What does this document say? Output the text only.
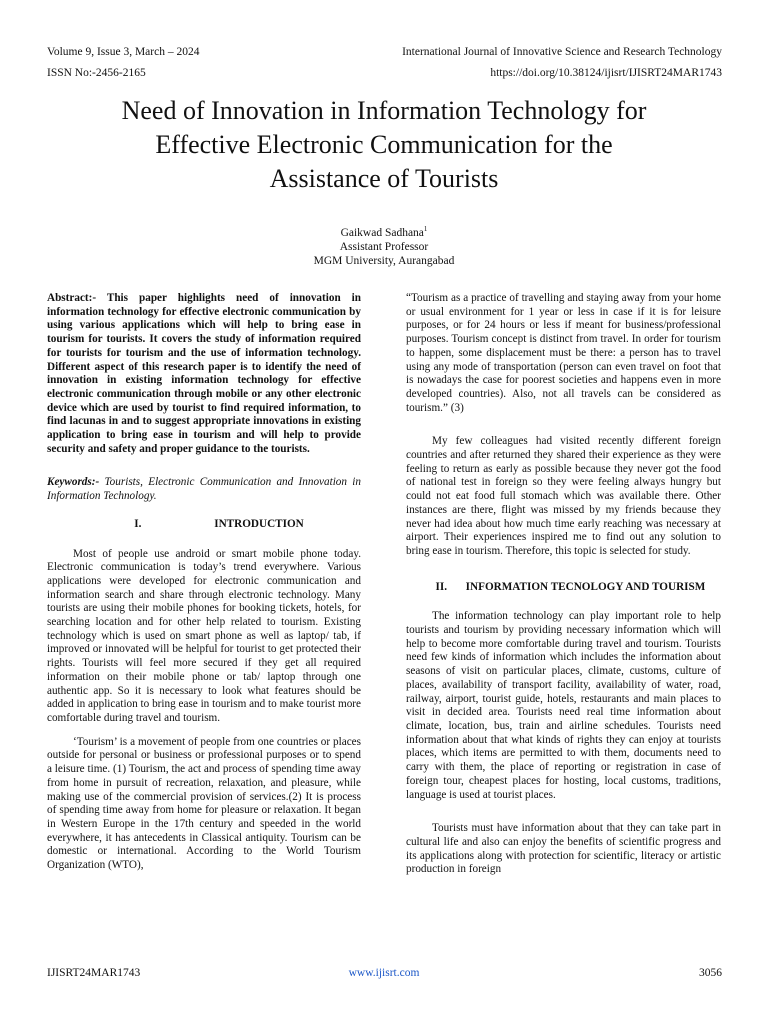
Volume 9, Issue 3, March – 2024	International Journal of Innovative Science and Research Technology
ISSN No:-2456-2165	https://doi.org/10.38124/ijisrt/IJISRT24MAR1743
Need of Innovation in Information Technology for
Effective Electronic Communication for the
Assistance of Tourists
Gaikwad Sadhana$^1$
Assistant Professor
MGM University, Aurangabad

Abstract:- This paper highlights need of innovation in information technology for effective electronic communication by using various applications which will help to bring ease in tourism for tourists. It covers the study of information required for tourists for tourism and the use of information technology. Different aspect of this research paper is to identify the need of innovation in existing information technology for effective electronic communication through mobile or any other electronic device which are used by tourist to find required information, to find lacunas in and to suggest appropriate innovations in existing application to bring ease in tourism and will help to provide security and safety and proper guidance to the tourists.

Keywords:- Tourists, Electronic Communication and Innovation in Information Technology.

I.	INTRODUCTION

Most of people use android or smart mobile phone today. Electronic communication is today’s trend everywhere. Various applications were developed for electronic communication and information search and share through electronic technology. Many tourists are using their mobile phones for booking tickets, hotels, for searching location and for other help related to tourism. Existing technology which is used on smart phone as well as laptop/ tab, if improved or innovated will be helpful for tourist to get protected their rights. Tourists will feel more secured if they get all required information on their mobile phone or tab/ laptop through one authentic app. So it is necessary to look what features should be added in application to bring ease in tourism and to make tourist more comfortable during travel and tourism.

‘Tourism’ is a movement of people from one countries or places outside for personal or business or professional purposes or to spend a leisure time. (1) Tourism, the act and process of spending time away from home in pursuit of recreation, relaxation, and pleasure, while making use of the commercial provision of services.(2) It is process of spending time away from home for pleasure or relaxation. It began in Western Europe in the 17th century and speeded in the world everywhere, it has antecedents in Classical antiquity. Tourism can be domestic or international. According to the World Tourism Organization (WTO),

“Tourism as a practice of travelling and staying away from your home or usual environment for 1 year or less in case if it is for leisure purposes, or for 24 hours or less if meant for business/professional purposes. Tourism concept is distinct from travel. In order for tourism to happen, some displacement must be there: a person has to travel using any mode of transportation (person can even travel on foot that is nowadays the case for poorest societies and happens even in more developed countries). Also, not all travels can be considered as tourism.” (3)

My few colleagues had visited recently different foreign countries and after returned they shared their experience as they were feeling to return as early as possible because they never got the food of national test in foreign so they were feeling always hungry but could not eat food full stomach which was available there. Other instances are there, flight was missed by my friends because they never had idea about how much time early reaching was necessary at airport. Their experiences inspired me to find out any solution to bring ease in tourism. Therefore, this topic is selected for study.

II. INFORMATION TECNOLOGY AND TOURISM

The information technology can play important role to help tourists and tourism by providing necessary information which will help to become more comfortable during travel and tourism. Tourists need few kinds of information which includes the information about seasons of visit on particular places, climate, customs, culture of places, availability of transport facility, availability of water, road, railway, airport, tourist guide, hotels, restaurants and main places to visit in decided area. Tourists need real time information about climate, location, bus, train and airline schedules. Tourists need information about that what kinds of rights they can enjoy at tourists places, which items are permitted to with them, documents need to carry with them, the place of reporting or registration in case of foreign tour, cheapest places for hosting, local customs, traditions, language is used at tourist places.

Tourists must have information about that they can take part in cultural life and also can enjoy the benefits of scientific progress and its applications along with protection for scientific, literacy or artistic production in foreign

IJISRT24MAR1743	www.ijisrt.com	3056
